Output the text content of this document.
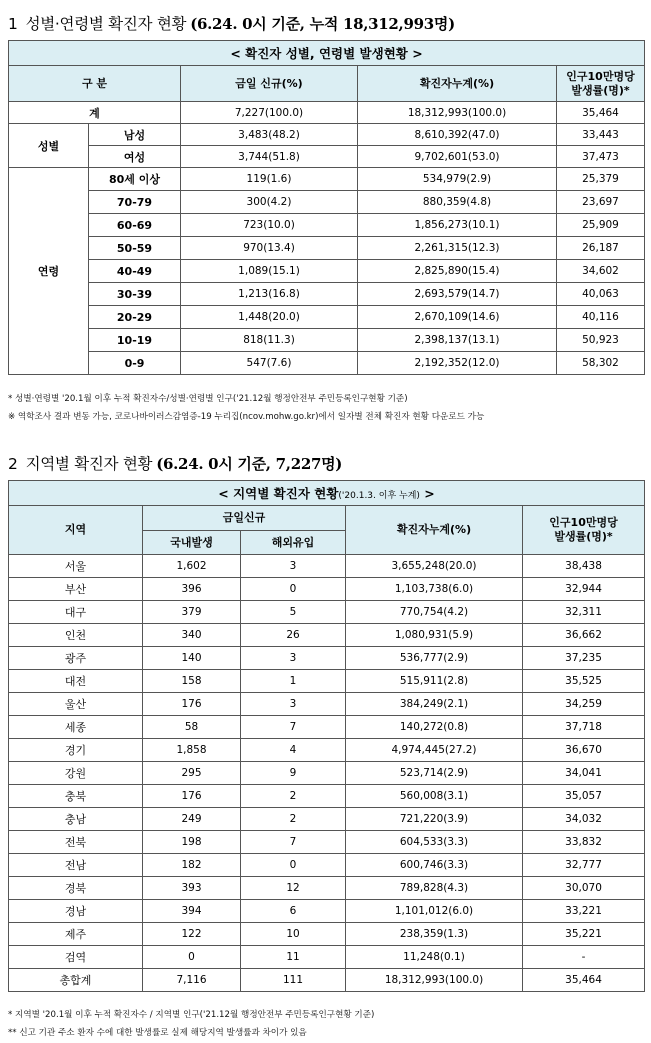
1 성별·연령별 확진자 현황 (6.24. 0시 기준, 누적 18,312,993명)
< 확진자 성별, 연령별 발생현황 >				
구 분		금일 신규(%)	확진자누계(%)	인구10만명당
발생률(명)*
계		7,227(100.0)	18,312,993(100.0)	35,464
성별	남성	3,483(48.2)	8,610,392(47.0)	33,443
	여성	3,744(51.8)	9,702,601(53.0)	37,473
연령	80세 이상	119(1.6)	534,979(2.9)	25,379
	70-79	300(4.2)	880,359(4.8)	23,697
	60-69	723(10.0)	1,856,273(10.1)	25,909
	50-59	970(13.4)	2,261,315(12.3)	26,187
	40-49	1,089(15.1)	2,825,890(15.4)	34,602
	30-39	1,213(16.8)	2,693,579(14.7)	40,063
	20-29	1,448(20.0)	2,670,109(14.6)	40,116
	10-19	818(11.3)	2,398,137(13.1)	50,923
	0-9	547(7.6)	2,192,352(12.0)	58,302
* 성별·연령별 '20.1월 이후 누적 확진자수/성별·연령별 인구('21.12월 행정안전부 주민등록인구현황 기준)
※ 역학조사 결과 변동 가능, 코로나바이러스감염증-19 누리집(ncov.mohw.go.kr)에서 일자별 전체 확진자 현황 다운로드 가능
2 지역별 확진자 현황 (6.24. 0시 기준, 7,227명)
< 지역별 확진자 현황('20.1.3. 이후 누계) >				
지역	금일신규		확진자누계(%)	인구10만명당
발생률(명)*
	국내발생	해외유입		
서울	1,602	3	3,655,248(20.0)	38,438
부산	396	0	1,103,738(6.0)	32,944
대구	379	5	770,754(4.2)	32,311
인천	340	26	1,080,931(5.9)	36,662
광주	140	3	536,777(2.9)	37,235
대전	158	1	515,911(2.8)	35,525
울산	176	3	384,249(2.1)	34,259
세종	58	7	140,272(0.8)	37,718
경기	1,858	4	4,974,445(27.2)	36,670
강원	295	9	523,714(2.9)	34,041
충북	176	2	560,008(3.1)	35,057
충남	249	2	721,220(3.9)	34,032
전북	198	7	604,533(3.3)	33,832
전남	182	0	600,746(3.3)	32,777
경북	393	12	789,828(4.3)	30,070
경남	394	6	1,101,012(6.0)	33,221
제주	122	10	238,359(1.3)	35,221
검역	0	11	11,248(0.1)	-
총합계	7,116	111	18,312,993(100.0)	35,464
* 지역별 '20.1월 이후 누적 확진자수 / 지역별 인구('21.12월 행정안전부 주민등록인구현황 기준)
** 신고 기관 주소 환자 수에 대한 발생률로 실제 해당지역 발생률과 차이가 있음
